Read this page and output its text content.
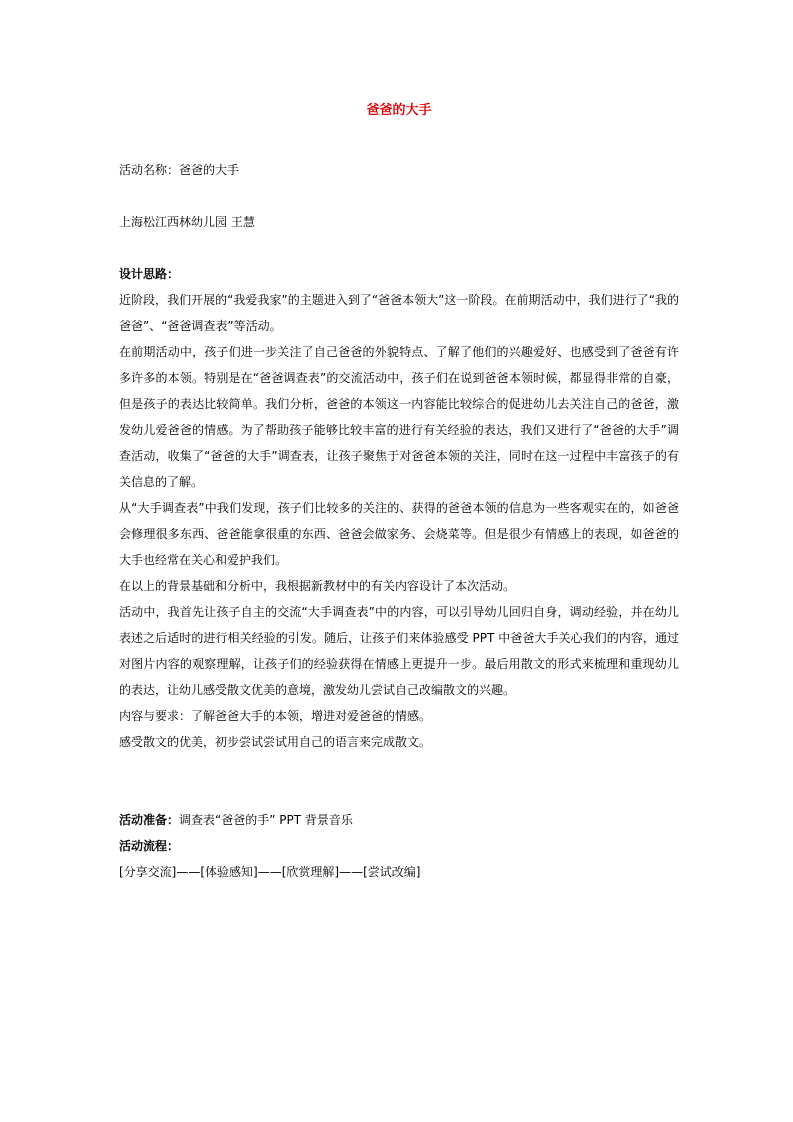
爸爸的大手

活动名称：爸爸的大手

上海松江西林幼儿园 王慧

设计思路：

近阶段，我们开展的“我爱我家”的主题进入到了“爸爸本领大”这一阶段。在前期活动中，我们进行了“我的爸爸”、“爸爸调查表”等活动。

在前期活动中，孩子们进一步关注了自己爸爸的外貌特点、了解了他们的兴趣爱好、也感受到了爸爸有许多许多的本领。特别是在“爸爸调查表”的交流活动中，孩子们在说到爸爸本领时候，都显得非常的自豪，但是孩子的表达比较简单。我们分析，爸爸的本领这一内容能比较综合的促进幼儿去关注自己的爸爸，激发幼儿爱爸爸的情感。为了帮助孩子能够比较丰富的进行有关经验的表达，我们又进行了“爸爸的大手”调查活动，收集了“爸爸的大手”调查表，让孩子聚焦于对爸爸本领的关注，同时在这一过程中丰富孩子的有关信息的了解。

从“大手调查表”中我们发现，孩子们比较多的关注的、获得的爸爸本领的信息为一些客观实在的，如爸爸会修理很多东西、爸爸能拿很重的东西、爸爸会做家务、会烧菜等。但是很少有情感上的表现，如爸爸的大手也经常在关心和爱护我们。

在以上的背景基础和分析中，我根据新教材中的有关内容设计了本次活动。

活动中，我首先让孩子自主的交流“大手调查表”中的内容，可以引导幼儿回归自身，调动经验，并在幼儿表述之后适时的进行相关经验的引发。随后，让孩子们来体验感受 PPT 中爸爸大手关心我们的内容，通过对图片内容的观察理解，让孩子们的经验获得在情感上更提升一步。最后用散文的形式来梳理和重现幼儿的表达，让幼儿感受散文优美的意境，激发幼儿尝试自己改编散文的兴趣。

内容与要求：了解爸爸大手的本领，增进对爱爸爸的情感。

感受散文的优美，初步尝试尝试用自己的语言来完成散文。

活动准备：调查表“爸爸的手” PPT 背景音乐

活动流程：

[分享交流]——[体验感知]——[欣赏理解]——[尝试改编]
